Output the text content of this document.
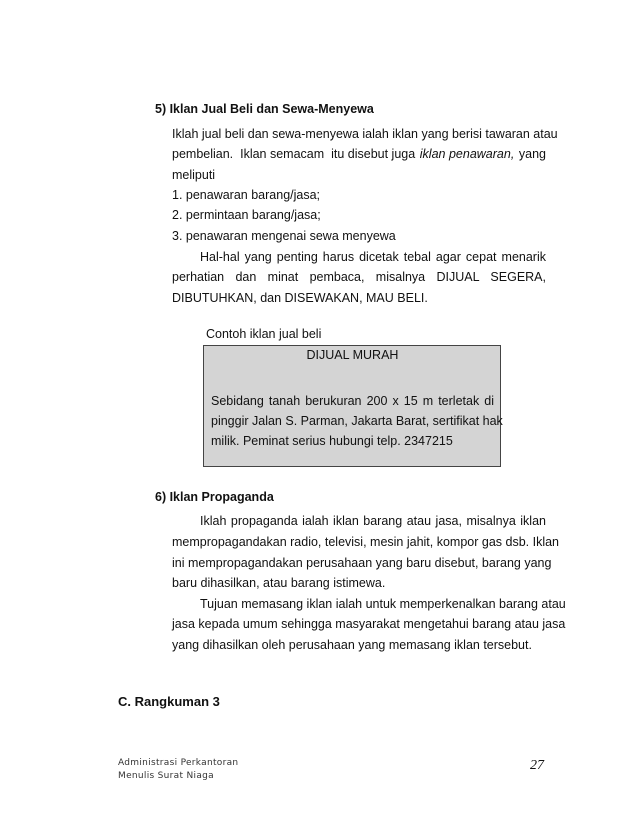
5) Iklan Jual Beli dan Sewa-Menyewa
Iklah jual beli dan sewa-menyewa ialah iklan yang berisi tawaran atau
pembelian.  Iklan semacam  itu disebut juga iklan penawaran, yang
meliputi
1. penawaran barang/jasa;
2. permintaan barang/jasa;
3. penawaran mengenai sewa menyewa
Hal-hal yang penting harus dicetak tebal agar cepat menarik
perhatian dan minat pembaca, misalnya DIJUAL SEGERA,
DIBUTUHKAN, dan DISEWAKAN, MAU BELI.
Contoh iklan jual beli
DIJUAL MURAH
Sebidang tanah berukuran 200 x 15 m terletak di
pinggir Jalan S. Parman, Jakarta Barat, sertifikat hak
milik. Peminat serius hubungi telp. 2347215
6) Iklan Propaganda
Iklah propaganda ialah iklan barang atau jasa, misalnya iklan
mempropagandakan radio, televisi, mesin jahit, kompor gas dsb. Iklan
ini mempropagandakan perusahaan yang baru disebut, barang yang
baru dihasilkan, atau barang istimewa.
Tujuan memasang iklan ialah untuk memperkenalkan barang atau
jasa kepada umum sehingga masyarakat mengetahui barang atau jasa
yang dihasilkan oleh perusahaan yang memasang iklan tersebut.
C. Rangkuman 3
Administrasi Perkantoran
Menulis Surat Niaga
27
